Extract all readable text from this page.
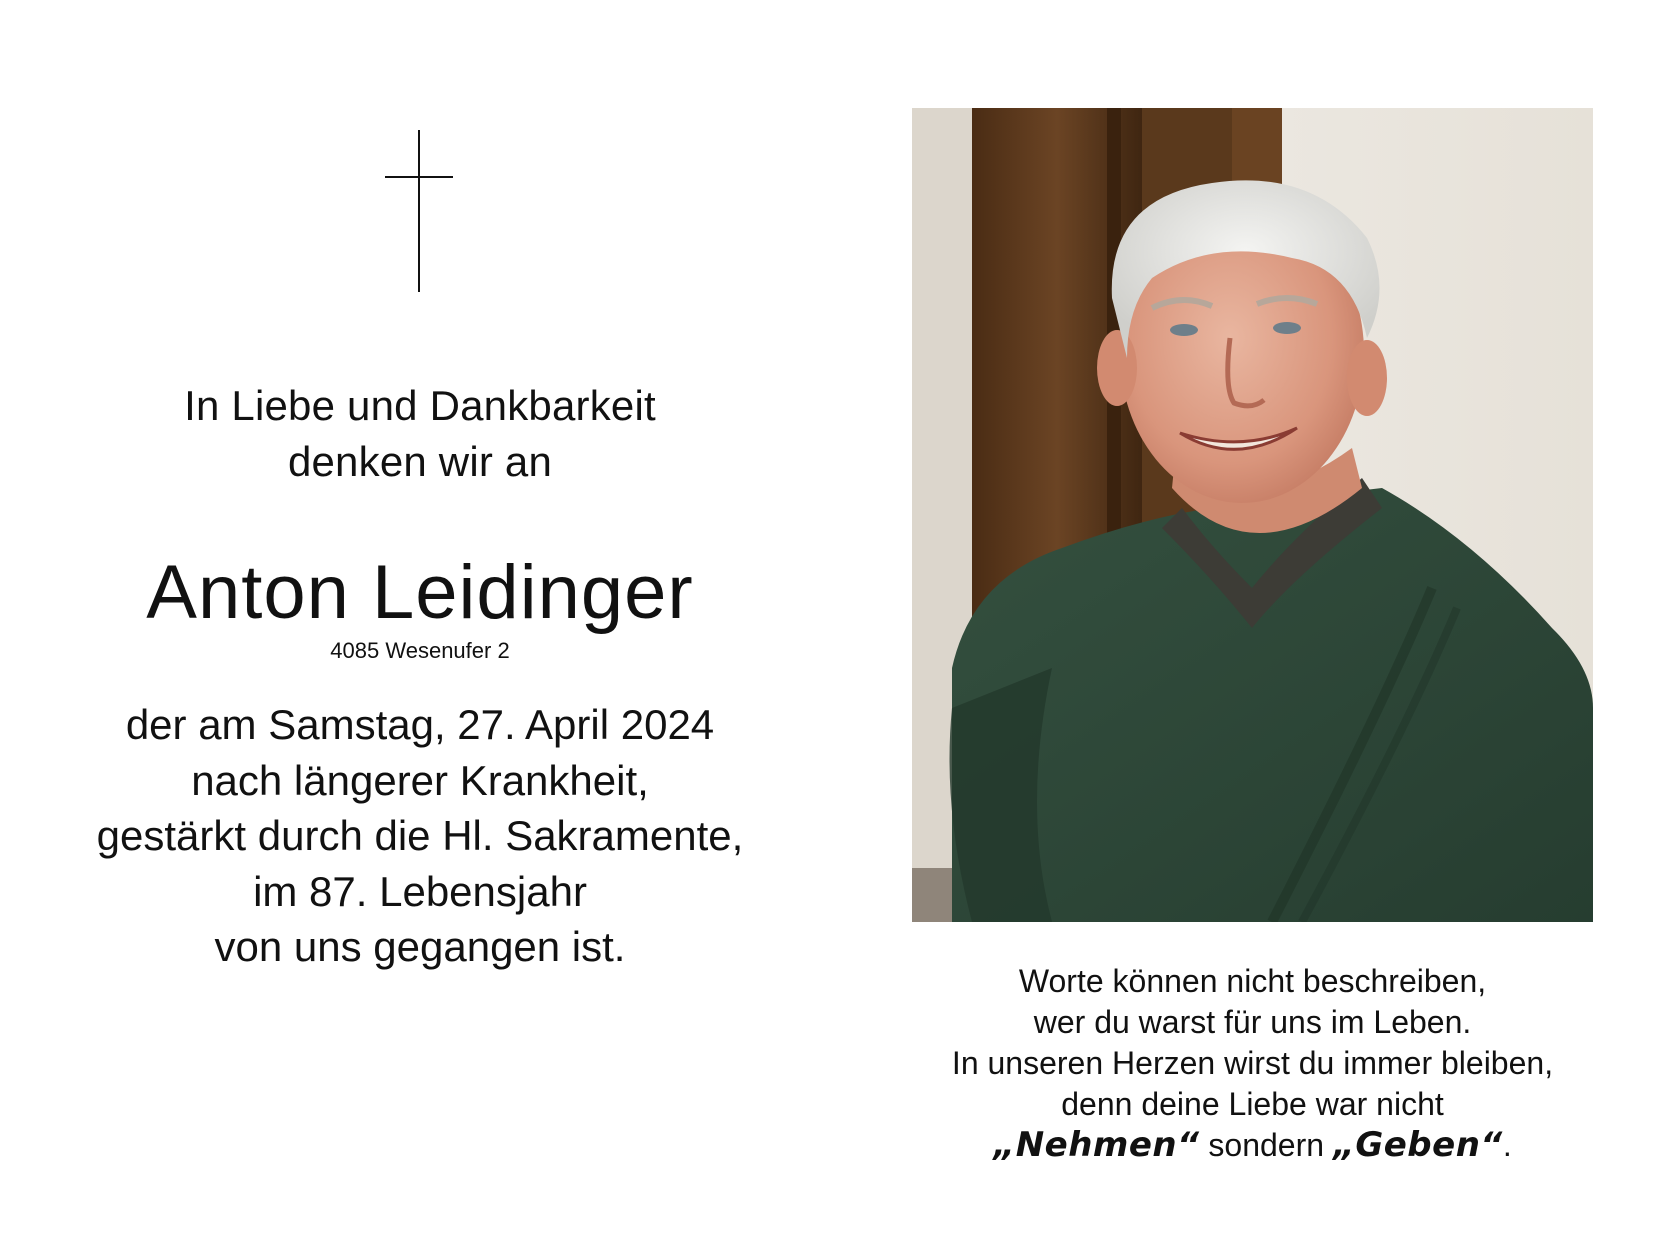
In Liebe und Dankbarkeit
denken wir an
Anton Leidinger
4085 Wesenufer 2
der am Samstag, 27. April 2024
nach längerer Krankheit,
gestärkt durch die Hl. Sakramente,
im 87. Lebensjahr
von uns gegangen ist.
Worte können nicht beschreiben,
wer du warst für uns im Leben.
In unseren Herzen wirst du immer bleiben,
denn deine Liebe war nicht
„Nehmen“ sondern „Geben“.
